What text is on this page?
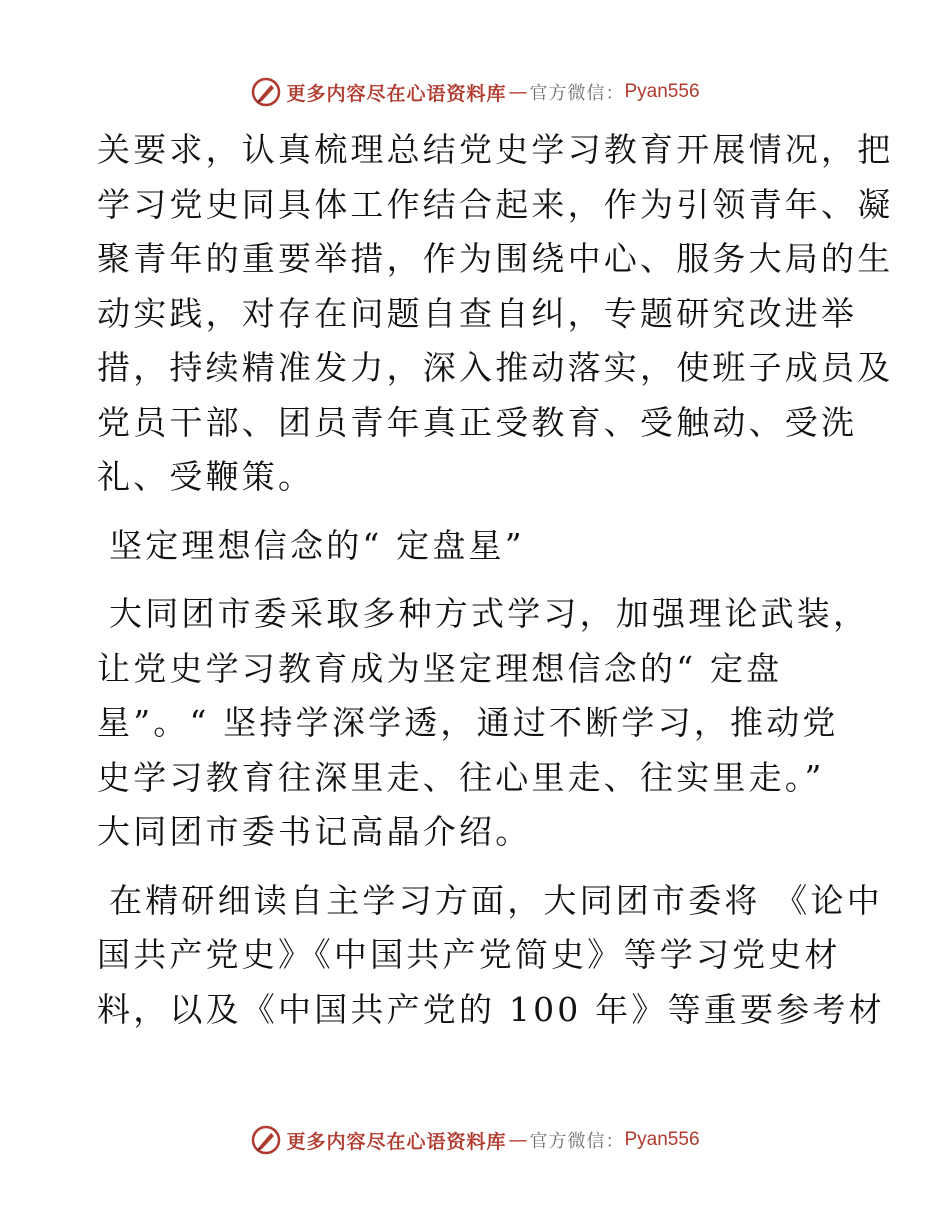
更多内容尽在心语资料库 — 官方微信： Pyan556
关要求，认真梳理总结党史学习教育开展情况，把
学习党史同具体工作结合起来，作为引领青年、凝
聚青年的重要举措，作为围绕中心、服务大局的生
动实践，对存在问题自查自纠，专题研究改进举
措，持续精准发力，深入推动落实，使班子成员及
党员干部、团员青年真正受教育、受触动、受洗
礼、受鞭策。
坚定理想信念的“ 定盘星”
大同团市委采取多种方式学习，加强理论武装，
让党史学习教育成为坚定理想信念的“ 定盘
星”。“ 坚持学深学透，通过不断学习，推动党
史学习教育往深里走、往心里走、往实里走。”
大同团市委书记高晶介绍。
在精研细读自主学习方面，大同团市委将 《论中
国共产党史》《中国共产党简史》等学习党史材
料，以及《中国共产党的 100 年》等重要参考材
更多内容尽在心语资料库 — 官方微信： Pyan556
